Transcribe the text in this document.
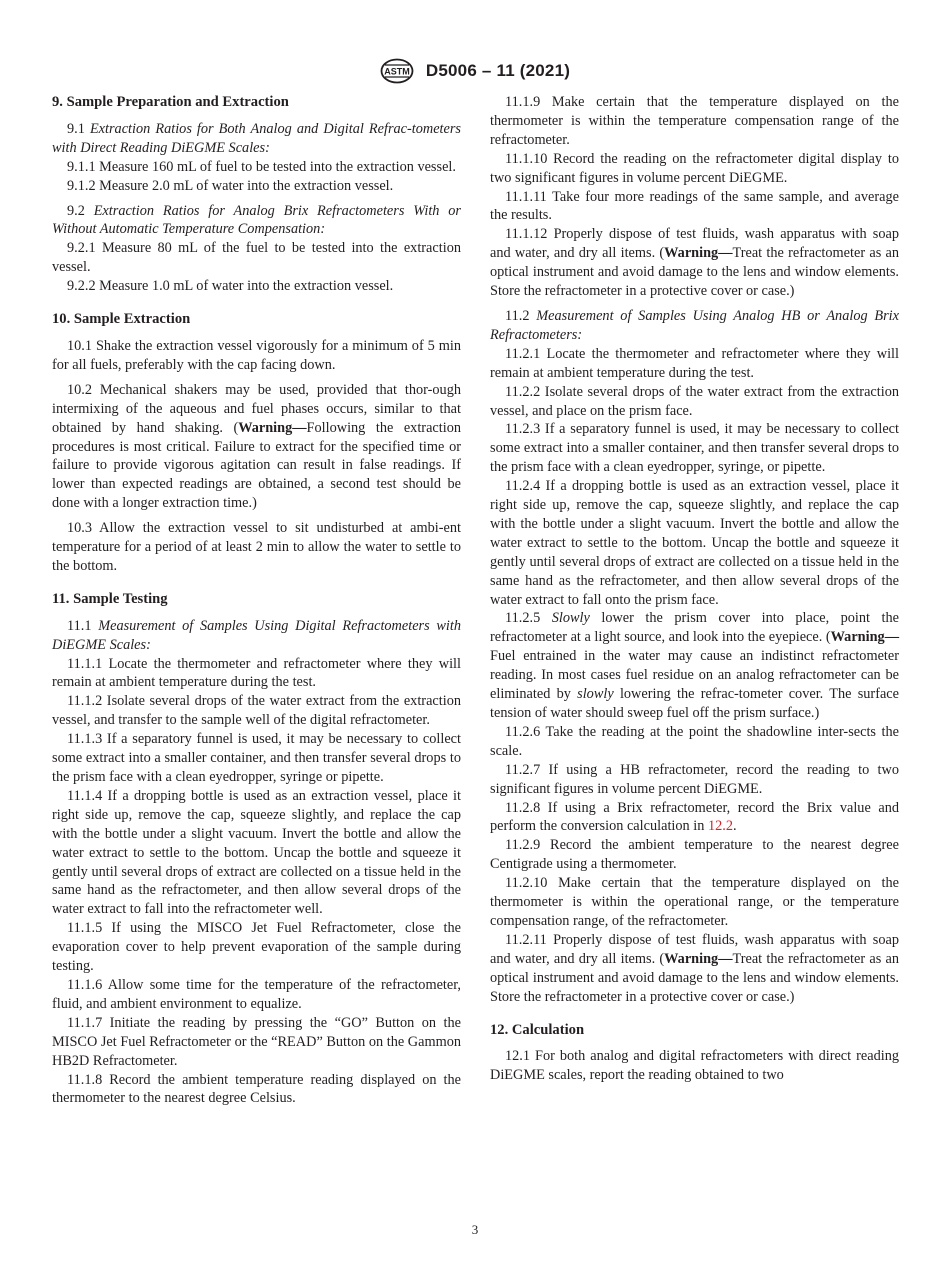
ASTM D5006 – 11 (2021)
9. Sample Preparation and Extraction

9.1 Extraction Ratios for Both Analog and Digital Refrac-tometers with Direct Reading DiEGME Scales:

9.1.1 Measure 160 mL of fuel to be tested into the extraction vessel.

9.1.2 Measure 2.0 mL of water into the extraction vessel.

9.2 Extraction Ratios for Analog Brix Refractometers With or Without Automatic Temperature Compensation:

9.2.1 Measure 80 mL of the fuel to be tested into the extraction vessel.

9.2.2 Measure 1.0 mL of water into the extraction vessel.

10. Sample Extraction

10.1 Shake the extraction vessel vigorously for a minimum of 5 min for all fuels, preferably with the cap facing down.

10.2 Mechanical shakers may be used, provided that thor-ough intermixing of the aqueous and fuel phases occurs, similar to that obtained by hand shaking. (Warning—Following the extraction procedures is most critical. Failure to extract for the specified time or failure to provide vigorous agitation can result in false readings. If lower than expected readings are obtained, a second test should be done with a longer extraction time.)

10.3 Allow the extraction vessel to sit undisturbed at ambi-ent temperature for a period of at least 2 min to allow the water to settle to the bottom.

11. Sample Testing

11.1 Measurement of Samples Using Digital Refractometers with DiEGME Scales:

11.1.1 Locate the thermometer and refractometer where they will remain at ambient temperature during the test.

11.1.2 Isolate several drops of the water extract from the extraction vessel, and transfer to the sample well of the digital refractometer.

11.1.3 If a separatory funnel is used, it may be necessary to collect some extract into a smaller container, and then transfer several drops to the prism face with a clean eyedropper, syringe or pipette.

11.1.4 If a dropping bottle is used as an extraction vessel, place it right side up, remove the cap, squeeze slightly, and replace the cap with the bottle under a slight vacuum. Invert the bottle and allow the water extract to settle to the bottom. Uncap the bottle and squeeze it gently until several drops of extract are collected on a tissue held in the same hand as the refractometer, and then allow several drops of the water extract to fall into the refractometer well.

11.1.5 If using the MISCO Jet Fuel Refractometer, close the evaporation cover to help prevent evaporation of the sample during testing.

11.1.6 Allow some time for the temperature of the refractometer, fluid, and ambient environment to equalize.

11.1.7 Initiate the reading by pressing the “GO” Button on the MISCO Jet Fuel Refractometer or the “READ” Button on the Gammon HB2D Refractometer.

11.1.8 Record the ambient temperature reading displayed on the thermometer to the nearest degree Celsius.

11.1.9 Make certain that the temperature displayed on the thermometer is within the temperature compensation range of the refractometer.

11.1.10 Record the reading on the refractometer digital display to two significant figures in volume percent DiEGME.

11.1.11 Take four more readings of the same sample, and average the results.

11.1.12 Properly dispose of test fluids, wash apparatus with soap and water, and dry all items. (Warning—Treat the refractometer as an optical instrument and avoid damage to the lens and window elements. Store the refractometer in a protective cover or case.)

11.2 Measurement of Samples Using Analog HB or Analog Brix Refractometers:

11.2.1 Locate the thermometer and refractometer where they will remain at ambient temperature during the test.

11.2.2 Isolate several drops of the water extract from the extraction vessel, and place on the prism face.

11.2.3 If a separatory funnel is used, it may be necessary to collect some extract into a smaller container, and then transfer several drops to the prism face with a clean eyedropper, syringe, or pipette.

11.2.4 If a dropping bottle is used as an extraction vessel, place it right side up, remove the cap, squeeze slightly, and replace the cap with the bottle under a slight vacuum. Invert the bottle and allow the water extract to settle to the bottom. Uncap the bottle and squeeze it gently until several drops of extract are collected on a tissue held in the same hand as the refractometer, and then allow several drops of the water extract to fall onto the prism face.

11.2.5 Slowly lower the prism cover into place, point the refractometer at a light source, and look into the eyepiece. (Warning—Fuel entrained in the water may cause an indistinct refractometer reading. In most cases fuel residue on an analog refractometer can be eliminated by slowly lowering the refrac-tometer cover. The surface tension of water should sweep fuel off the prism surface.)

11.2.6 Take the reading at the point the shadowline inter-sects the scale.

11.2.7 If using a HB refractometer, record the reading to two significant figures in volume percent DiEGME.

11.2.8 If using a Brix refractometer, record the Brix value and perform the conversion calculation in 12.2.

11.2.9 Record the ambient temperature to the nearest degree Centigrade using a thermometer.

11.2.10 Make certain that the temperature displayed on the thermometer is within the operational range, or the temperature compensation range, of the refractometer.

11.2.11 Properly dispose of test fluids, wash apparatus with soap and water, and dry all items. (Warning—Treat the refractometer as an optical instrument and avoid damage to the lens and window elements. Store the refractometer in a protective cover or case.)

12. Calculation

12.1 For both analog and digital refractometers with direct reading DiEGME scales, report the reading obtained to two

3
